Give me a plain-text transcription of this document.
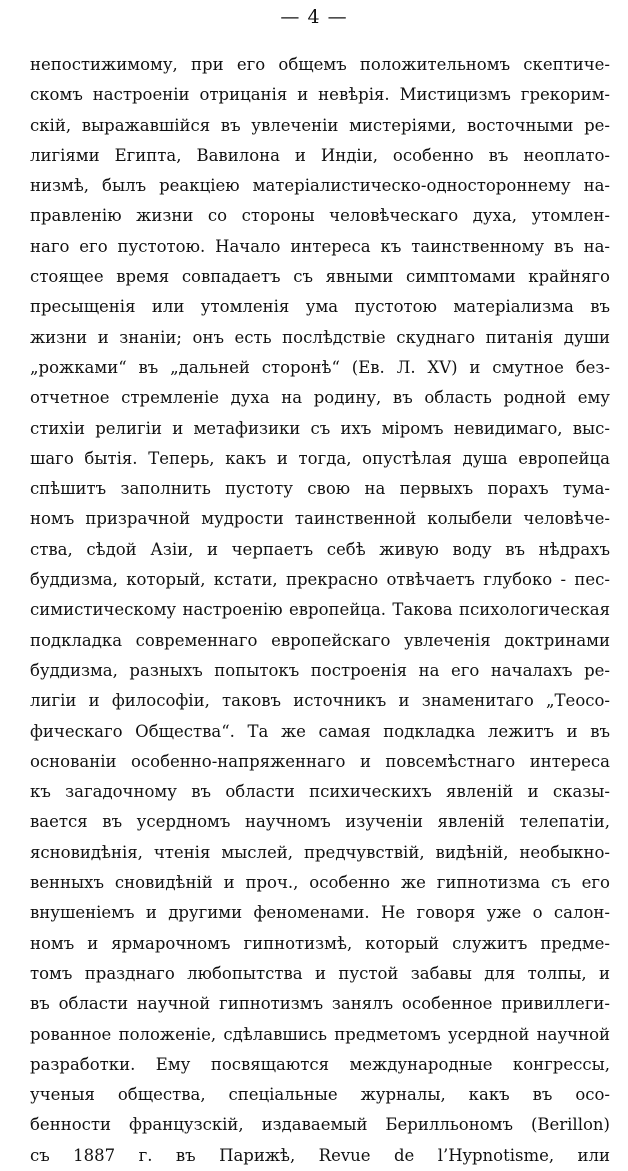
— 4 —
непостижимому, при его общемъ положительномъ скептиче-
скомъ настроенiи отрицанiя и невѣрiя. Мистицизмъ грекорим-
скiй, выражавшiйся въ увлеченiи мистерiями, восточными ре-
лигiями Египта, Вавилона и Индiи, особенно въ неоплато-
низмѣ, былъ реакцiею матерiалистическо-одностороннему на-
правленiю жизни со стороны человѣческаго духа, утомлен-
наго его пустотою. Начало интереса къ таинственному въ на-
стоящее время совпадаетъ съ явными симптомами крайняго
пресыщенiя или утомленiя ума пустотою матерiализма въ
жизни и знанiи; онъ есть послѣдствiе скуднаго питанiя души
„рожками“ въ „дальней сторонѣ“ (Ев. Л. XV) и смутное без-
отчетное стремленiе духа на родину, въ область родной ему
стихiи религiи и метафизики съ ихъ мiромъ невидимаго, выс-
шаго бытiя. Теперь, какъ и тогда, опустѣлая душа европейца
спѣшитъ заполнить пустоту свою на первыхъ порахъ тума-
номъ призрачной мудрости таинственной колыбели человѣче-
ства, сѣдой Азiи, и черпаетъ себѣ живую воду въ нѣдрахъ
буддизма, который, кстати, прекрасно отвѣчаетъ глубоко - пес-
симистическому настроенiю европейца. Такова психологическая
подкладка современнаго европейскаго увлеченiя доктринами
буддизма, разныхъ попытокъ построенiя на его началахъ ре-
лигiи и философiи, таковъ источникъ и знаменитаго „Теосо-
фическаго Общества“. Та же самая подкладка лежитъ и въ
основанiи особенно-напряженнаго и повсемѣстнаго интереса
къ загадочному въ области психическихъ явленiй и сказы-
вается въ усердномъ научномъ изученiи явленiй телепатiи,
ясновидѣнiя, чтенiя мыслей, предчувствiй, видѣнiй, необыкно-
венныхъ сновидѣнiй и проч., особенно же гипнотизма съ его
внушенiемъ и другими феноменами. Не говоря уже о салон-
номъ и ярмарочномъ гипнотизмѣ, который служитъ предме-
томъ празднаго любопытства и пустой забавы для толпы, и
въ области научной гипнотизмъ занялъ особенное привиллеги-
рованное положенiе, сдѣлавшись предметомъ усердной научной
разработки. Ему посвящаются международные конгрессы,
ученыя общества, спецiальные журналы, какъ въ осо-
бенности французскiй, издаваемый Берилльономъ (Berillon)
съ 1887 г. въ Парижѣ, Revue de l’Hypnotisme, или
